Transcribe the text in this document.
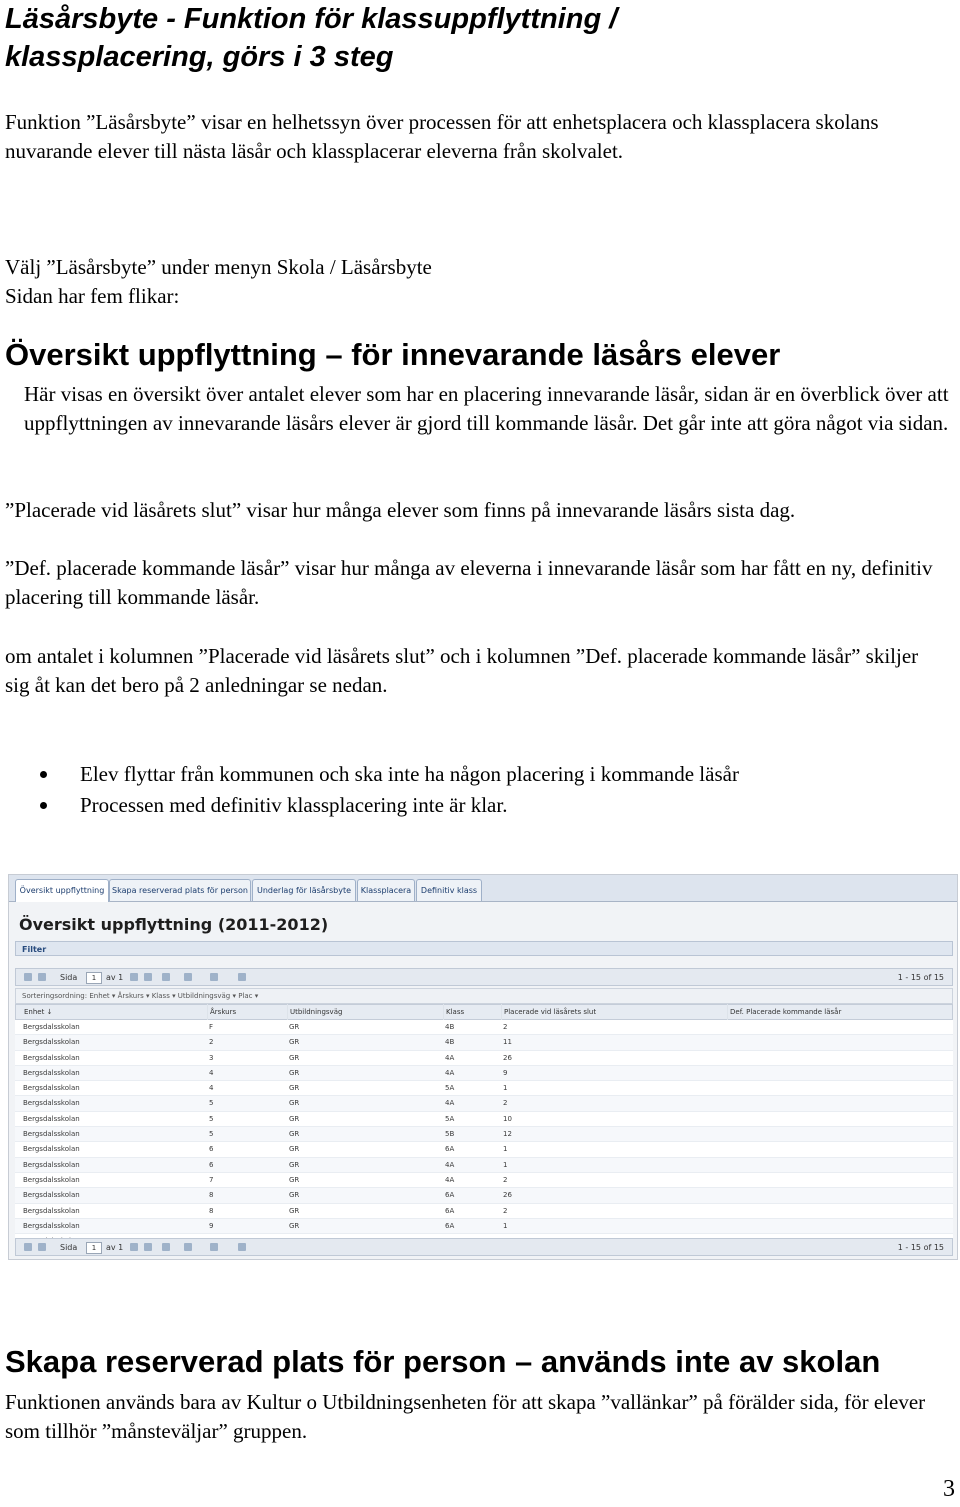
Läsårsbyte - Funktion för klassuppflyttning /
klassplacering, görs i 3 steg

Funktion ”Läsårsbyte” visar en helhetssyn över processen för att enhetsplacera och klassplacera skolans nuvarande elever till nästa läsår och klassplacerar eleverna från skolvalet.

Välj ”Läsårsbyte” under menyn Skola / Läsårsbyte

Sidan har fem flikar:

Översikt uppflyttning – för innevarande läsårs elever

Här visas en översikt över antalet elever som har en placering innevarande läsår, sidan är en överblick över att uppflyttningen av innevarande läsårs elever är gjord till kommande läsår. Det går inte att göra något via sidan.

”Placerade vid läsårets slut” visar hur många elever som finns på innevarande läsårs sista dag.

”Def. placerade kommande läsår” visar hur många av eleverna i innevarande läsår som har fått en ny, definitiv placering till kommande läsår.

om antalet i kolumnen ”Placerade vid läsårets slut” och i kolumnen ”Def. placerade kommande läsår” skiljer sig åt kan det bero på 2 anledningar se nedan.

Elev flyttar från kommunen och ska inte ha någon placering i kommande läsår
Processen med definitiv klassplacering inte är klar.
Översikt uppflyttning Skapa reserverad plats för person	Underlag för läsårsbyte	Klassplacera	Definitiv klass
Översikt uppflyttning (2011-2012)
Filter
Sida	1	av 1	1 - 15 of 15
Sorteringsordning: Enhet ▾ Årskurs ▾ Klass ▾ Utbildningsväg ▾ Plac ▾
Enhet ↓	Årskurs	Utbildningsväg	Klass	Placerade vid läsårets slut	Def. Placerade kommande läsår
Bergsdalsskolan	F	GR	4B	2
Bergsdalsskolan	2	GR	4B	11
Bergsdalsskolan	3	GR	4A	26
Bergsdalsskolan	4	GR	4A	9
Bergsdalsskolan	4	GR	5A	1
Bergsdalsskolan	5	GR	4A	2
Bergsdalsskolan	5	GR	5A	10
Bergsdalsskolan	5	GR	5B	12
Bergsdalsskolan	6	GR	6A	1
Bergsdalsskolan	6	GR	4A	1
Bergsdalsskolan	7	GR	4A	2
Bergsdalsskolan	8	GR	6A	26
Bergsdalsskolan	8	GR	6A	2
Bergsdalsskolan	9	GR	6A	1
Sida	1	av 1	1 - 15 of 15
Skapa reserverad plats för person – används inte av skolan

Funktionen används bara av Kultur o Utbildningsenheten för att skapa ”vallänkar” på förälder sida, för elever som tillhör ”månsteväljar” gruppen.

3
